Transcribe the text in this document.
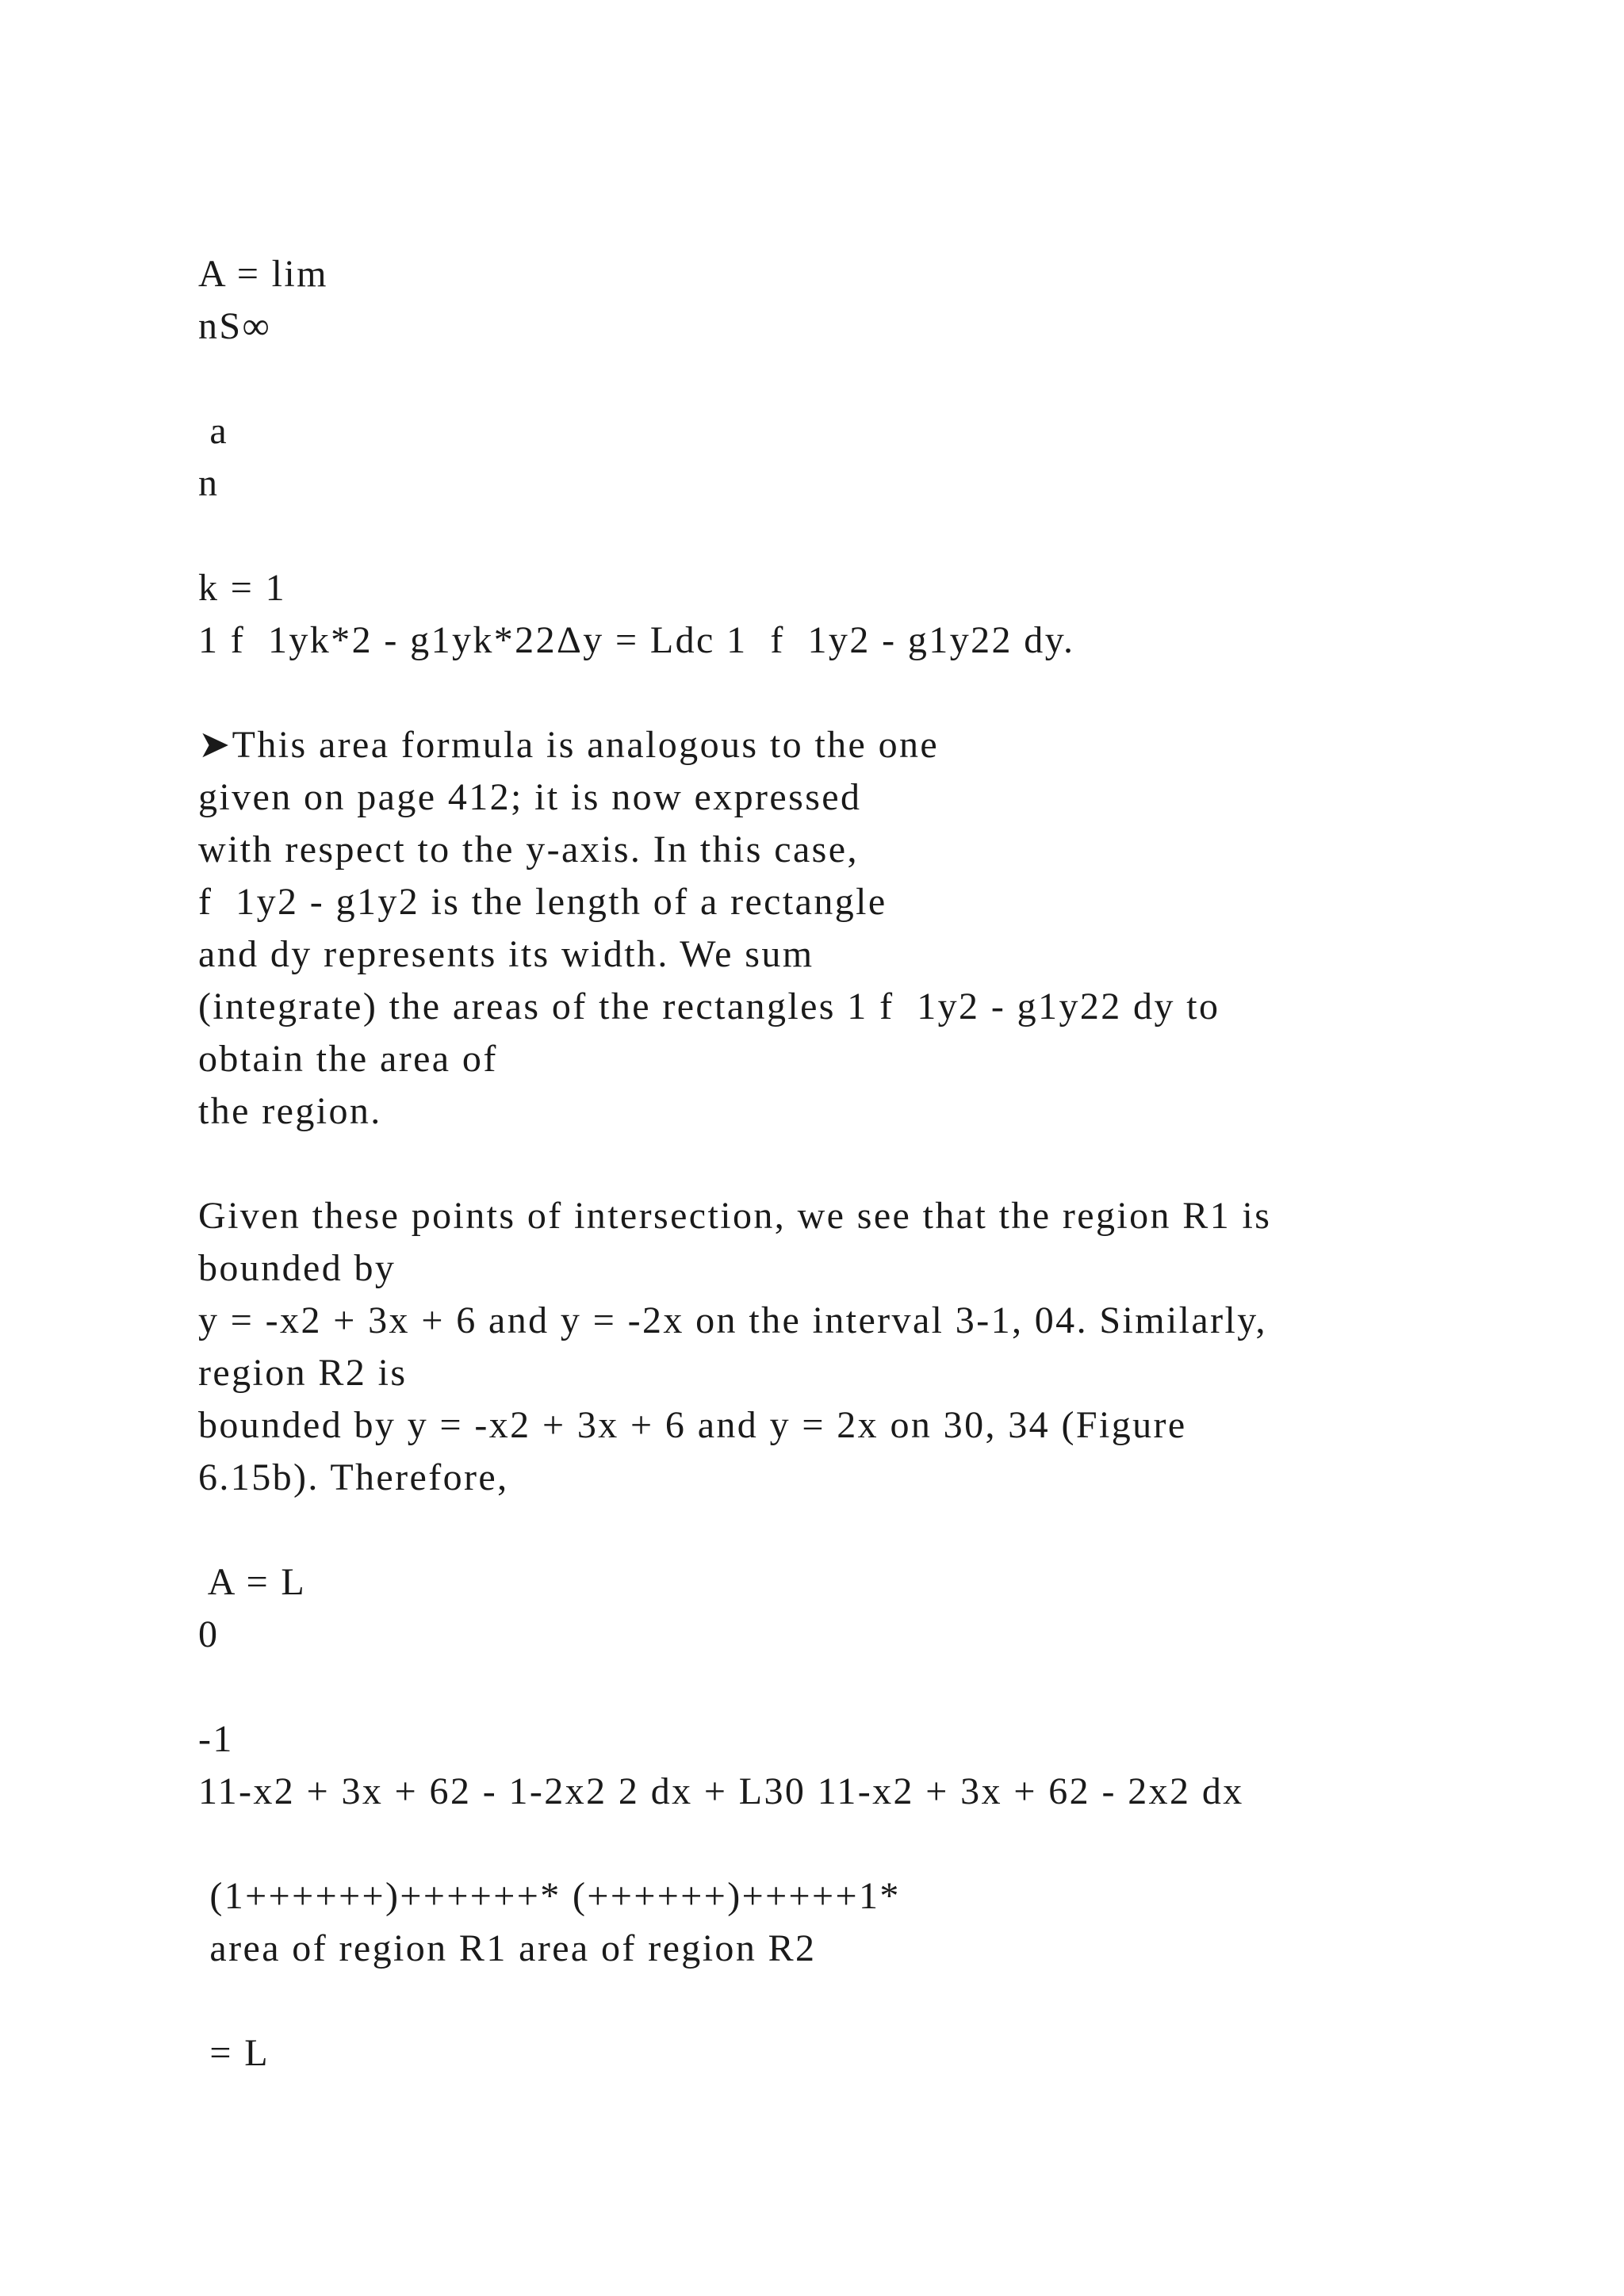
A = lim
nS∞
a
n
k = 1
1 f  1yk*2 - g1yk*22Δy = Ldc 1  f  1y2 - g1y22 dy.
➤This area formula is analogous to the one
given on page 412; it is now expressed
with respect to the y-axis. In this case,
f  1y2 - g1y2 is the length of a rectangle
and dy represents its width. We sum
(integrate) the areas of the rectangles 1 f  1y2 - g1y22 dy to
obtain the area of
the region.
Given these points of intersection, we see that the region R1 is
bounded by
y = -x2 + 3x + 6 and y = -2x on the interval 3-1, 04. Similarly,
region R2 is
bounded by y = -x2 + 3x + 6 and y = 2x on 30, 34 (Figure
6.15b). Therefore,
A = L
0
-1
11-x2 + 3x + 62 - 1-2x2 2 dx + L30 11-x2 + 3x + 62 - 2x2 dx
(1++++++)++++++* (++++++)+++++1*
area of region R1 area of region R2
= L
